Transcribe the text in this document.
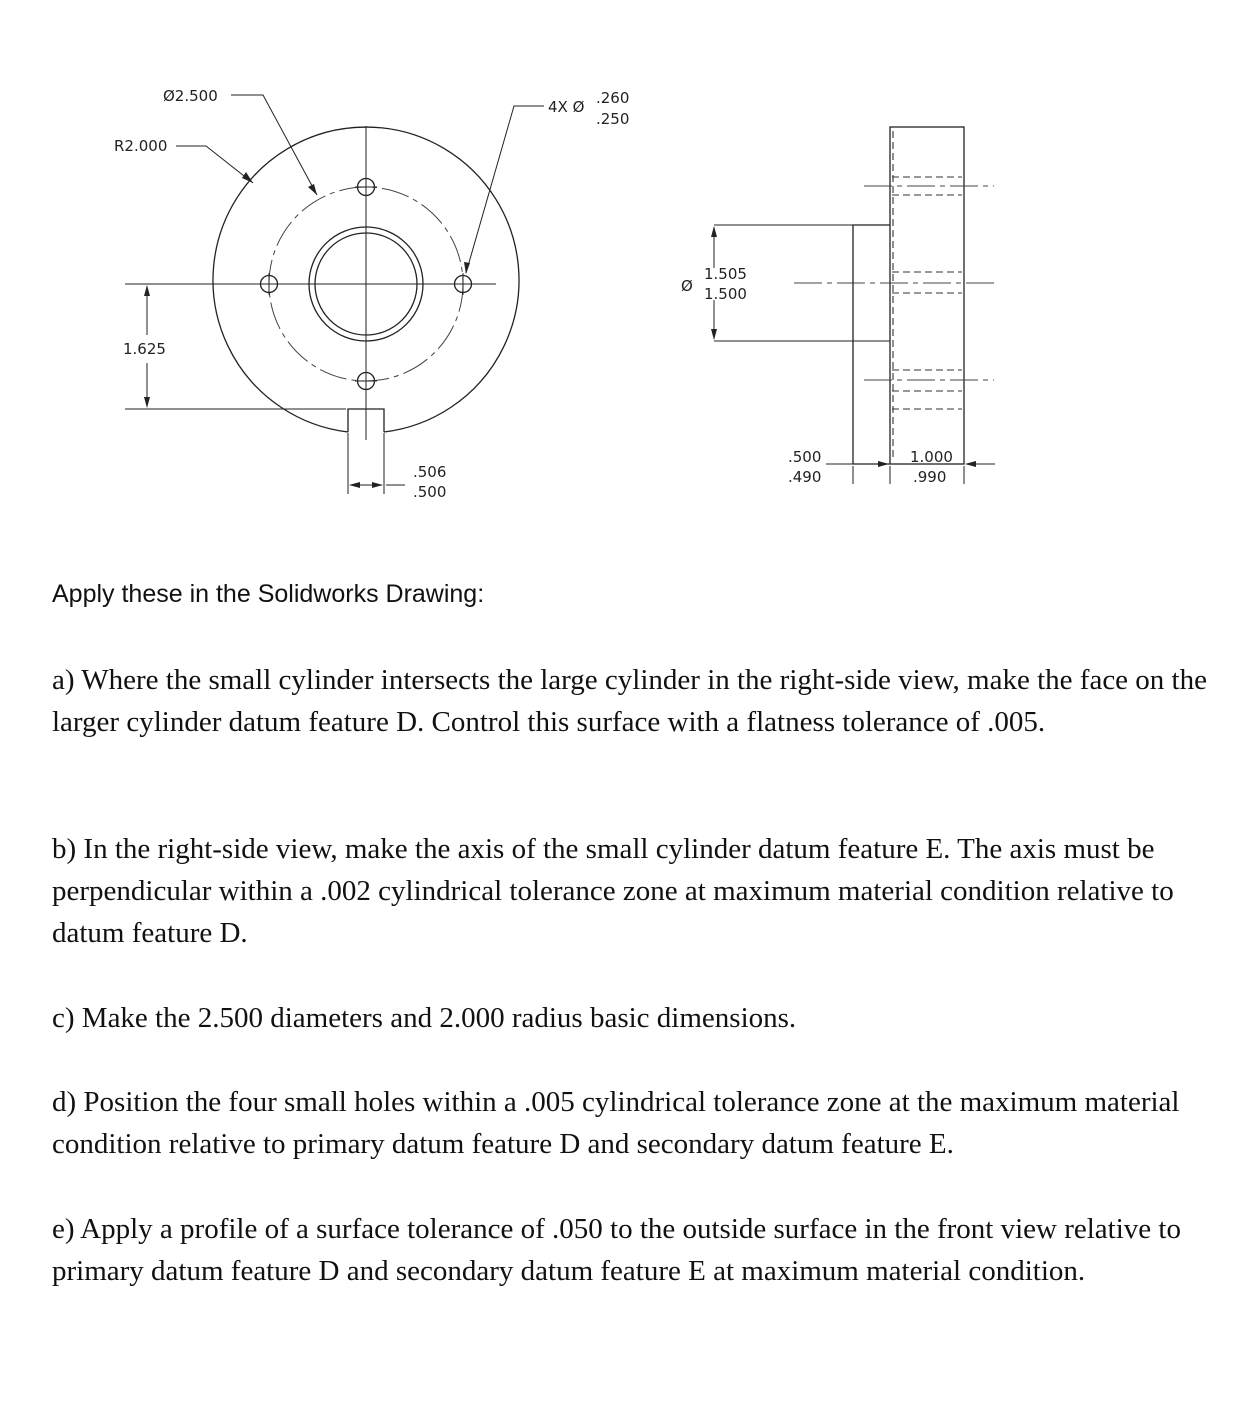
Ø2.500
R2.000
4X Ø .260
.250
1.625
.506
.500
Ø
1.505
1.500
.500
.490
1.000
.990
Apply these in the Solidworks Drawing:

a) Where the small cylinder intersects the large cylinder in the right-side view, make the face on the larger cylinder datum feature D. Control this surface with a flatness tolerance of .005.

b) In the right-side view, make the axis of the small cylinder datum feature E. The axis must be perpendicular within a .002 cylindrical tolerance zone at maximum material condition relative to datum feature D.

c) Make the 2.500 diameters and 2.000 radius basic dimensions.

d) Position the four small holes within a .005 cylindrical tolerance zone at the maximum material condition relative to primary datum feature D and secondary datum feature E.

e) Apply a profile of a surface tolerance of .050 to the outside surface in the front view relative to primary datum feature D and secondary datum feature E at maximum material condition.
